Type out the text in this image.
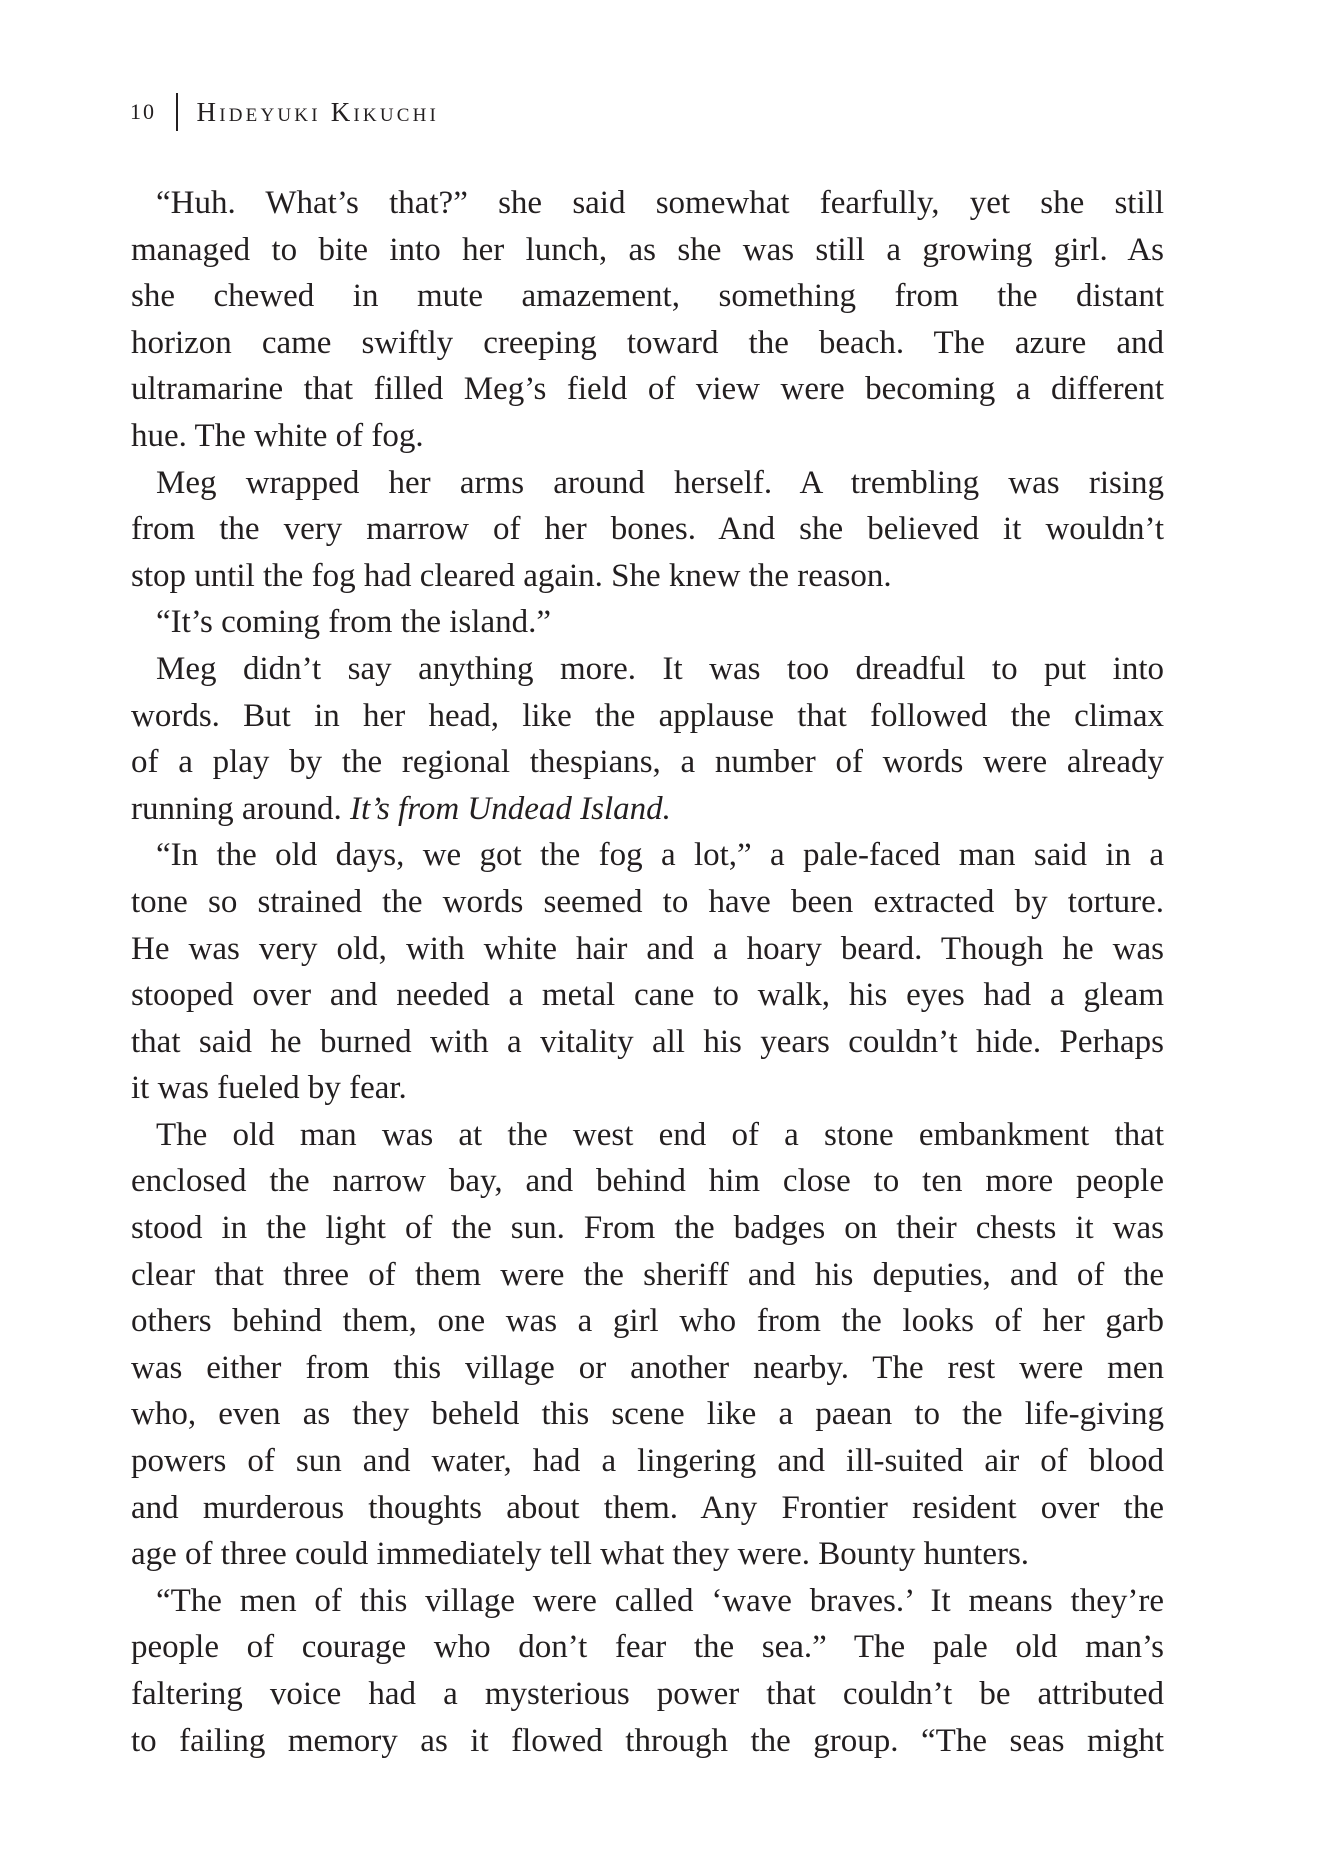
10	Hideyuki Kikuchi
“Huh. What’s that?” she said somewhat fearfully, yet she still
managed to bite into her lunch, as she was still a growing girl. As
she chewed in mute amazement, something from the distant
horizon came swiftly creeping toward the beach. The azure and
ultramarine that filled Meg’s field of view were becoming a different
hue. The white of fog.
Meg wrapped her arms around herself. A trembling was rising
from the very marrow of her bones. And she believed it wouldn’t
stop until the fog had cleared again. She knew the reason.
“It’s coming from the island.”
Meg didn’t say anything more. It was too dreadful to put into
words. But in her head, like the applause that followed the climax
of a play by the regional thespians, a number of words were already
running around. It’s from Undead Island.
“In the old days, we got the fog a lot,” a pale-faced man said in a
tone so strained the words seemed to have been extracted by torture.
He was very old, with white hair and a hoary beard. Though he was
stooped over and needed a metal cane to walk, his eyes had a gleam
that said he burned with a vitality all his years couldn’t hide. Perhaps
it was fueled by fear.
The old man was at the west end of a stone embankment that
enclosed the narrow bay, and behind him close to ten more people
stood in the light of the sun. From the badges on their chests it was
clear that three of them were the sheriff and his deputies, and of the
others behind them, one was a girl who from the looks of her garb
was either from this village or another nearby. The rest were men
who, even as they beheld this scene like a paean to the life-giving
powers of sun and water, had a lingering and ill-suited air of blood
and murderous thoughts about them. Any Frontier resident over the
age of three could immediately tell what they were. Bounty hunters.
“The men of this village were called ‘wave braves.’ It means they’re
people of courage who don’t fear the sea.” The pale old man’s
faltering voice had a mysterious power that couldn’t be attributed
to failing memory as it flowed through the group. “The seas might
